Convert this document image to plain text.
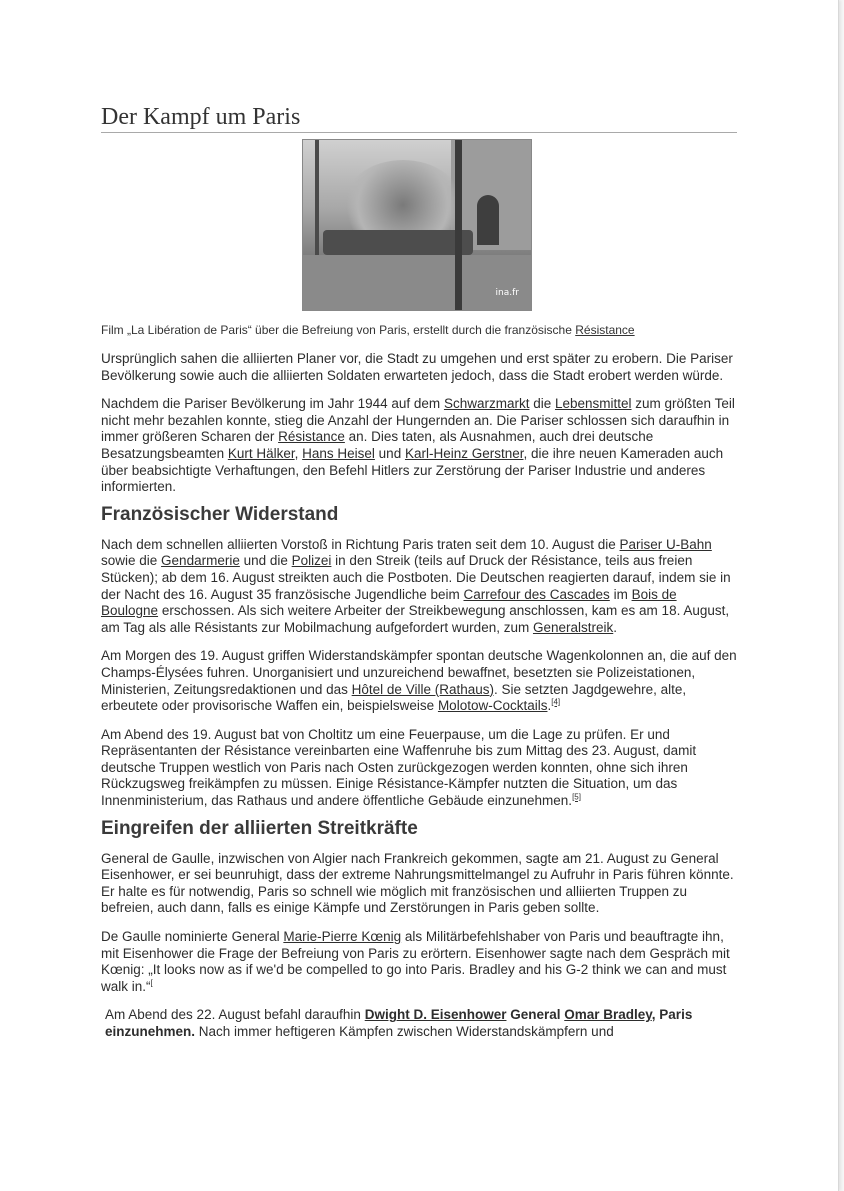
Der Kampf um Paris
ina.fr
Film „La Libération de Paris“ über die Befreiung von Paris, erstellt durch die französische Résistance

Ursprünglich sahen die alliierten Planer vor, die Stadt zu umgehen und erst später zu erobern. Die Pariser Bevölkerung sowie auch die alliierten Soldaten erwarteten jedoch, dass die Stadt erobert werden würde.

Nachdem die Pariser Bevölkerung im Jahr 1944 auf dem Schwarzmarkt die Lebensmittel zum größten Teil nicht mehr bezahlen konnte, stieg die Anzahl der Hungernden an. Die Pariser schlossen sich daraufhin in immer größeren Scharen der Résistance an. Dies taten, als Ausnahmen, auch drei deutsche Besatzungsbeamten Kurt Hälker, Hans Heisel und Karl-Heinz Gerstner, die ihre neuen Kameraden auch über beabsichtigte Verhaftungen, den Befehl Hitlers zur Zerstörung der Pariser Industrie und anderes informierten.

Französischer Widerstand

Nach dem schnellen alliierten Vorstoß in Richtung Paris traten seit dem 10. August die Pariser U-Bahn sowie die Gendarmerie und die Polizei in den Streik (teils auf Druck der Résistance, teils aus freien Stücken); ab dem 16. August streikten auch die Postboten. Die Deutschen reagierten darauf, indem sie in der Nacht des 16. August 35 französische Jugendliche beim Carrefour des Cascades im Bois de Boulogne erschossen. Als sich weitere Arbeiter der Streikbewegung anschlossen, kam es am 18. August, am Tag als alle Résistants zur Mobilmachung aufgefordert wurden, zum Generalstreik.

Am Morgen des 19. August griffen Widerstandskämpfer spontan deutsche Wagenkolonnen an, die auf den Champs-Élysées fuhren. Unorganisiert und unzureichend bewaffnet, besetzten sie Polizeistationen, Ministerien, Zeitungsredaktionen und das Hôtel de Ville (Rathaus). Sie setzten Jagdgewehre, alte, erbeutete oder provisorische Waffen ein, beispielsweise Molotow-Cocktails.[4]

Am Abend des 19. August bat von Choltitz um eine Feuerpause, um die Lage zu prüfen. Er und Repräsentanten der Résistance vereinbarten eine Waffenruhe bis zum Mittag des 23. August, damit deutsche Truppen westlich von Paris nach Osten zurückgezogen werden konnten, ohne sich ihren Rückzugsweg freikämpfen zu müssen. Einige Résistance-Kämpfer nutzten die Situation, um das Innenministerium, das Rathaus und andere öffentliche Gebäude einzunehmen.[5]

Eingreifen der alliierten Streitkräfte

General de Gaulle, inzwischen von Algier nach Frankreich gekommen, sagte am 21. August zu General Eisenhower, er sei beunruhigt, dass der extreme Nahrungsmittelmangel zu Aufruhr in Paris führen könnte. Er halte es für notwendig, Paris so schnell wie möglich mit französischen und alliierten Truppen zu befreien, auch dann, falls es einige Kämpfe und Zerstörungen in Paris geben sollte.

De Gaulle nominierte General Marie-Pierre Kœnig als Militärbefehlshaber von Paris und beauftragte ihn, mit Eisenhower die Frage der Befreiung von Paris zu erörtern. Eisenhower sagte nach dem Gespräch mit Kœnig: „It looks now as if we'd be compelled to go into Paris. Bradley and his G-2 think we can and must walk in.“[

Am Abend des 22. August befahl daraufhin Dwight D. Eisenhower General Omar Bradley, Paris einzunehmen. Nach immer heftigeren Kämpfen zwischen Widerstandskämpfern und
